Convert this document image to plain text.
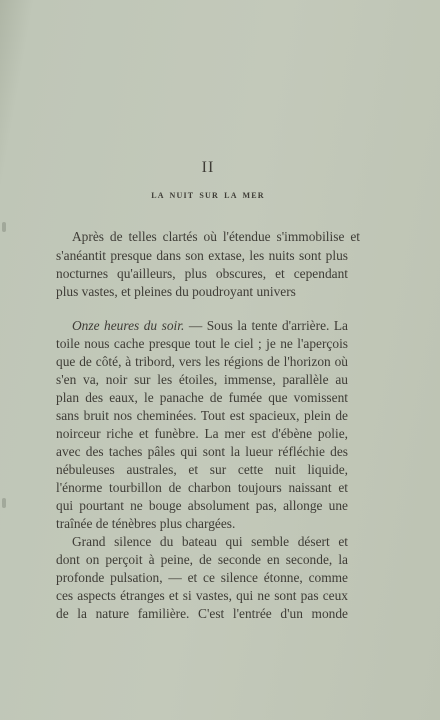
II
LA NUIT SUR LA MER
Après de telles clartés où l'étendue s'immobilise et
s'anéantit presque dans son extase, les nuits sont plus
nocturnes qu'ailleurs, plus obscures, et cependant
plus vastes, et pleines du poudroyant univers
Onze heures du soir. — Sous la tente d'arrière. La
toile nous cache presque tout le ciel ; je ne l'aperçois
que de côté, à tribord, vers les régions de l'horizon où
s'en va, noir sur les étoiles, immense, parallèle au
plan des eaux, le panache de fumée que vomissent
sans bruit nos cheminées. Tout est spacieux, plein de
noirceur riche et funèbre. La mer est d'ébène polie,
avec des taches pâles qui sont la lueur réfléchie des
nébuleuses australes, et sur cette nuit liquide,
l'énorme tourbillon de charbon toujours naissant et
qui pourtant ne bouge absolument pas, allonge une
traînée de ténèbres plus chargées.
Grand silence du bateau qui semble désert et
dont on perçoit à peine, de seconde en seconde, la
profonde pulsation, — et ce silence étonne, comme
ces aspects étranges et si vastes, qui ne sont pas ceux
de la nature familière. C'est l'entrée d'un monde
